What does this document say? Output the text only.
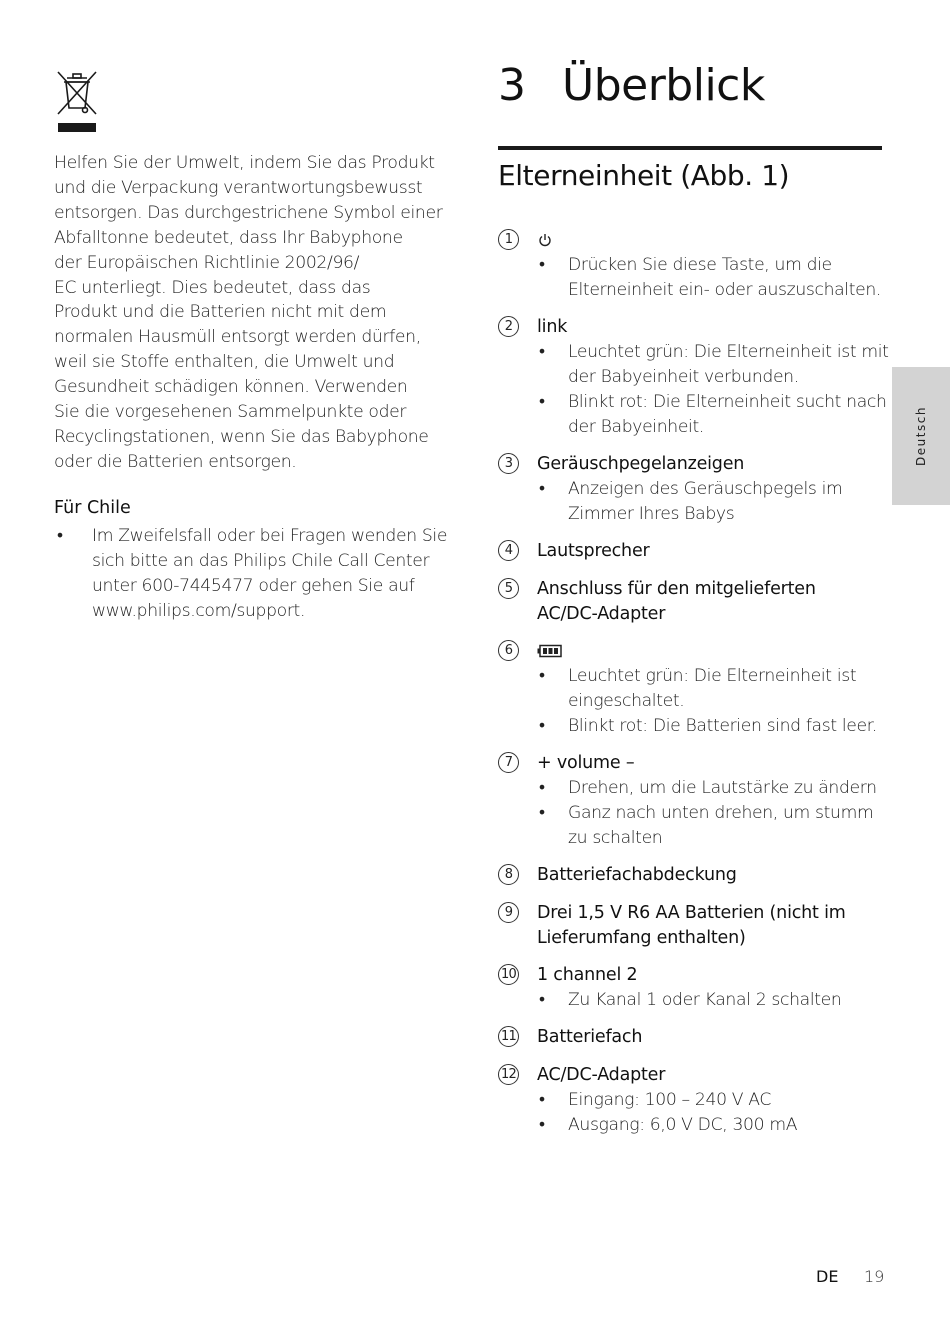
Helfen Sie der Umwelt, indem Sie das Produkt
und die Verpackung verantwortungsbewusst
entsorgen. Das durchgestrichene Symbol einer
Abfalltonne bedeutet, dass Ihr Babyphone
der Europäischen Richtlinie 2002/96/
EC unterliegt. Dies bedeutet, dass das
Produkt und die Batterien nicht mit dem
normalen Hausmüll entsorgt werden dürfen,
weil sie Stoffe enthalten, die Umwelt und
Gesundheit schädigen können. Verwenden
Sie die vorgesehenen Sammelpunkte oder
Recyclingstationen, wenn Sie das Babyphone
oder die Batterien entsorgen.

Für Chile
• Im Zweifelsfall oder bei Fragen wenden Sie
sich bitte an das Philips Chile Call Center
unter 600-7445477 oder gehen Sie auf
www.philips.com/support.
3 Überblick
Elterneinheit (Abb. 1)
1
• Drücken Sie diese Taste, um die
Elterneinheit ein- oder auszuschalten.
2	link
• Leuchtet grün: Die Elterneinheit ist mit
der Babyeinheit verbunden.
• Blinkt rot: Die Elterneinheit sucht nach
der Babyeinheit.
3	Geräuschpegelanzeigen
• Anzeigen des Geräuschpegels im
Zimmer Ihres Babys
4	Lautsprecher
5	Anschluss für den mitgelieferten
AC/DC-Adapter
6
• Leuchtet grün: Die Elterneinheit ist
eingeschaltet.
• Blinkt rot: Die Batterien sind fast leer.
7	+ volume –
• Drehen, um die Lautstärke zu ändern
• Ganz nach unten drehen, um stumm
zu schalten
8	Batteriefachabdeckung
9	Drei 1,5 V R6 AA Batterien (nicht im
Lieferumfang enthalten)
10 1 channel 2
• Zu Kanal 1 oder Kanal 2 schalten
11 Batteriefach
12 AC/DC-Adapter
• Eingang: 100 – 240 V AC
• Ausgang: 6,0 V DC, 300 mA
Deutsch
DE 19
